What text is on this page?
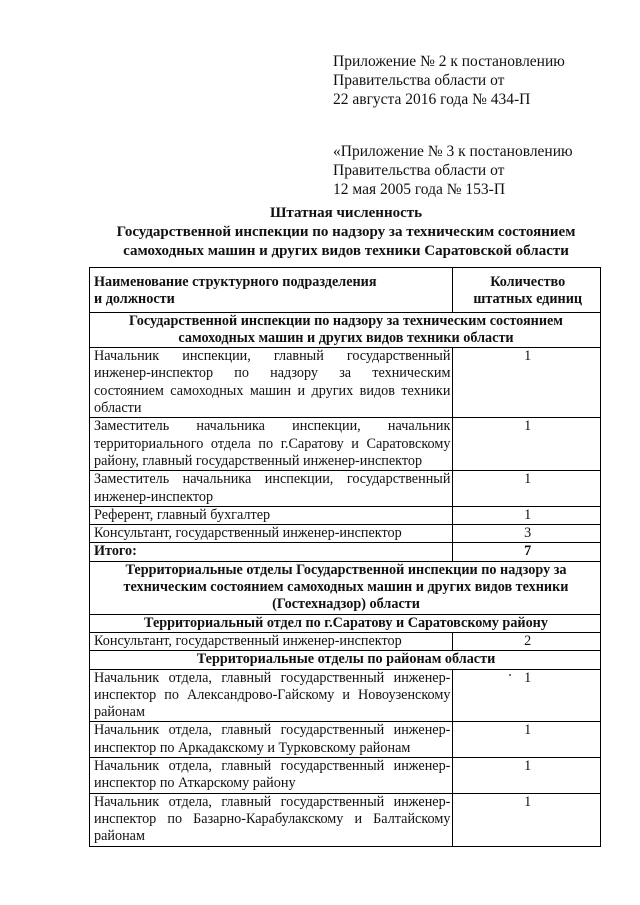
Приложение № 2 к постановлению
Правительства области от
22 августа 2016 года № 434-П
«Приложение № 3 к постановлению
Правительства области от
12 мая 2005 года № 153-П
Штатная численность
Государственной инспекции по надзору за техническим состоянием
самоходных машин и других видов техники Саратовской области
Наименование структурного подразделения
и должности	Количество
штатных единиц
Государственной инспекции по надзору за техническим состоянием самоходных машин и других видов техники области	
Начальник инспекции, главный государственный инженер-инспектор по надзору за техническим состоянием самоходных машин и других видов техники области	1
Заместитель начальника инспекции, начальник территориального отдела по г.Саратову и Саратовскому району, главный государственный инженер-инспектор	1
Заместитель начальника инспекции, государственный инженер-инспектор	1
Референт, главный бухгалтер	1
Консультант, государственный инженер-инспектор	3
Итого:	7
Территориальные отделы Государственной инспекции по надзору за техническим состоянием самоходных машин и других видов техники (Гостехнадзор) области	
Территориальный отдел по г.Саратову и Саратовскому району	
Консультант, государственный инженер-инспектор	2
Территориальные отделы по районам области	
Начальник отдела, главный государственный инженер-инспектор по Александрово-Гайскому и Новоузенскому районам	1
Начальник отдела, главный государственный инженер-инспектор по Аркадакскому и Турковскому районам	1
Начальник отдела, главный государственный инженер-инспектор по Аткарскому району	1
Начальник отдела, главный государственный инженер-инспектор по Базарно-Карабулакскому и Балтайскому районам	1
